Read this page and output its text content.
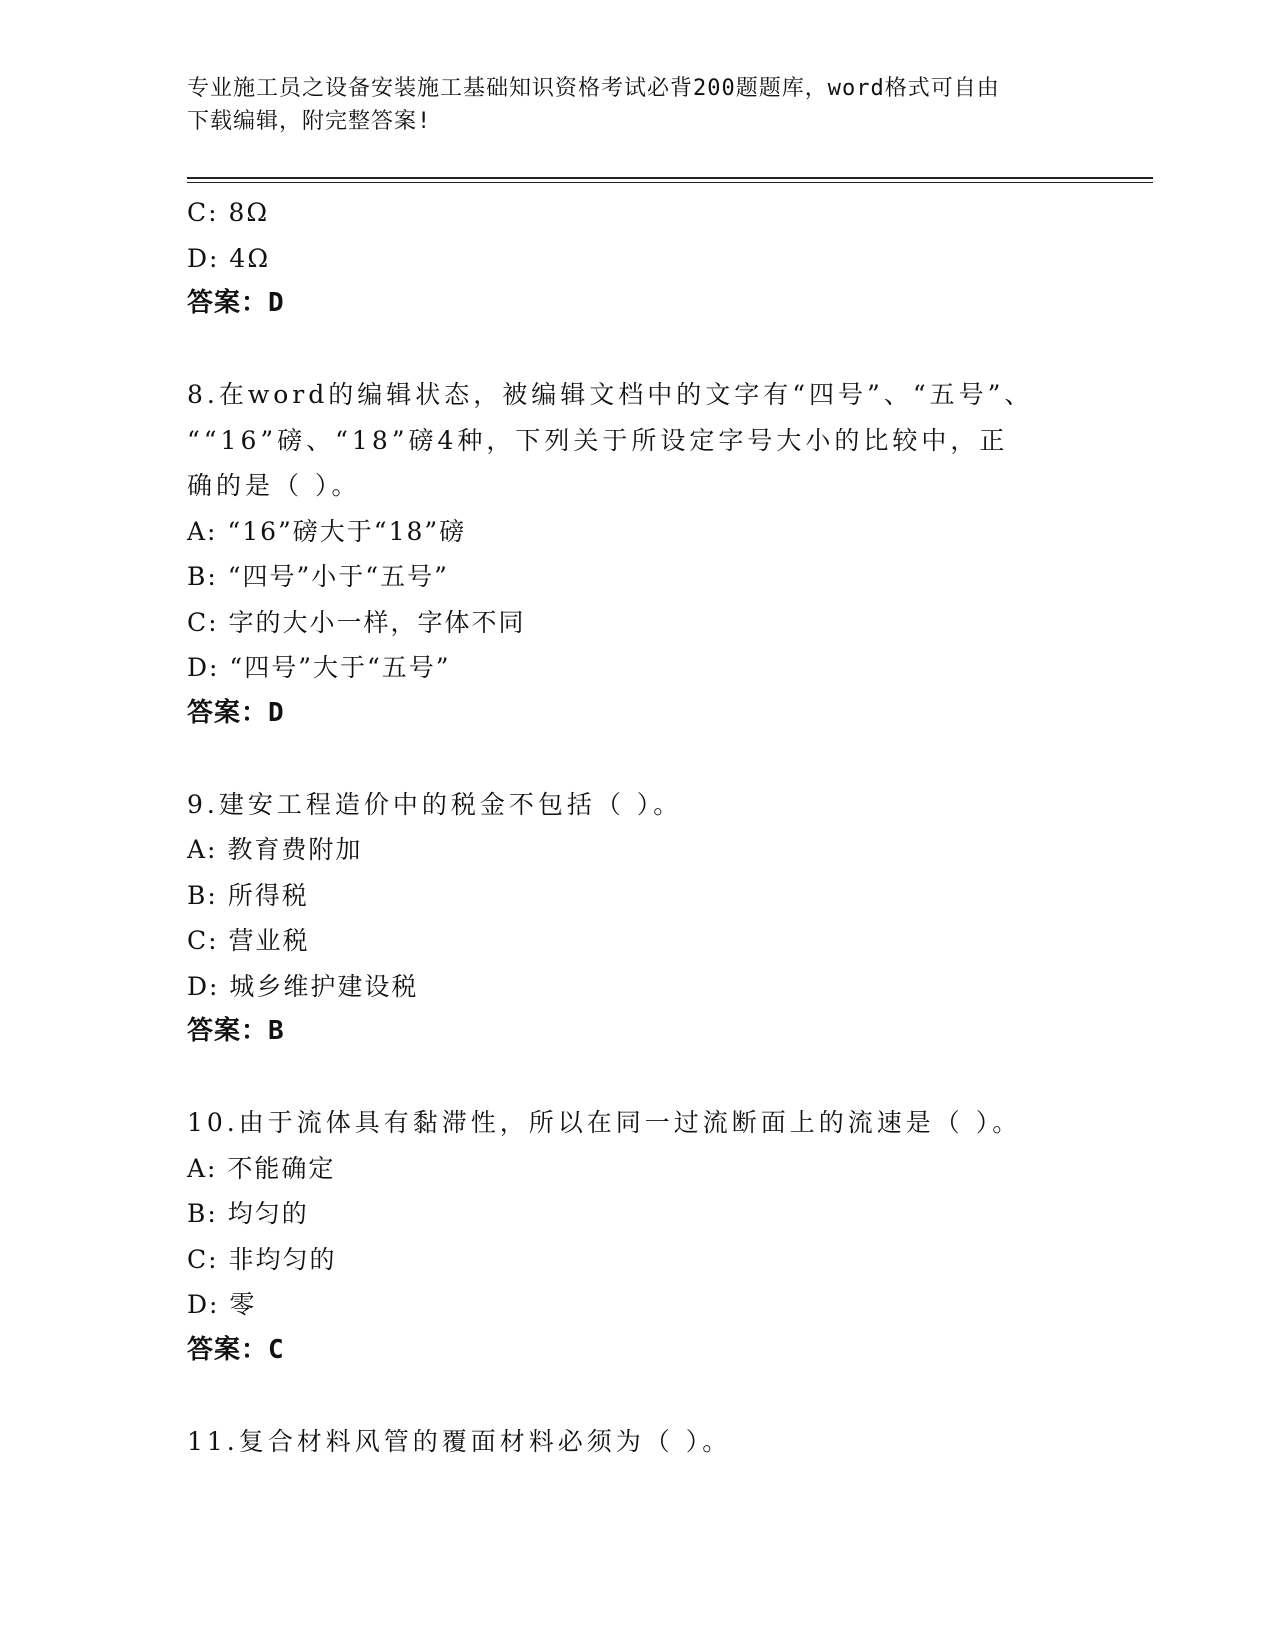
专业施工员之设备安装施工基础知识资格考试必背200题题库，word格式可自由
下载编辑，附完整答案!
C: 8Ω
D: 4Ω
答案：D
8.在word的编辑状态，被编辑文档中的文字有“四号”、“五号”、
““16”磅、“18”磅4种，下列关于所设定字号大小的比较中，正
确的是（ ）。
A: “16”磅大于“18”磅
B: “四号”小于“五号”
C: 字的大小一样，字体不同
D: “四号”大于“五号”
答案：D
9.建安工程造价中的税金不包括（ ）。
A: 教育费附加
B: 所得税
C: 营业税
D: 城乡维护建设税
答案：B
10.由于流体具有黏滞性，所以在同一过流断面上的流速是（ ）。
A: 不能确定
B: 均匀的
C: 非均匀的
D: 零
答案：C
11.复合材料风管的覆面材料必须为（ ）。
